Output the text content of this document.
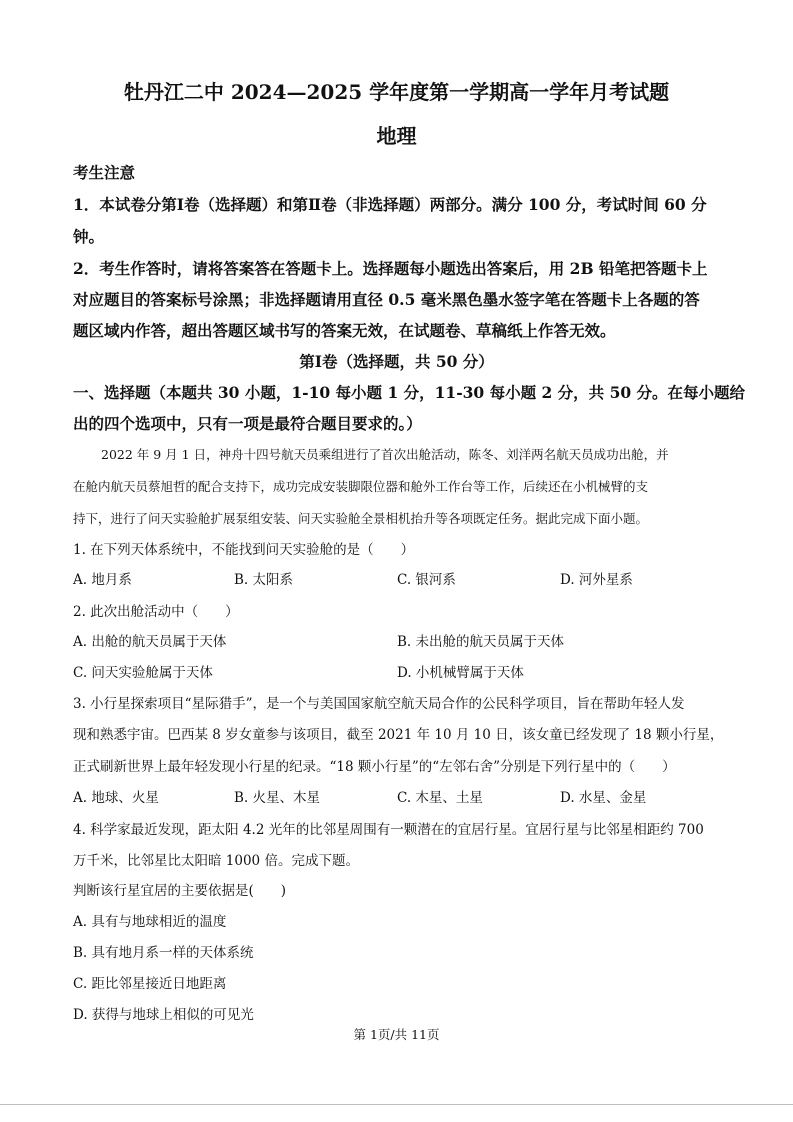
牡丹江二中 2024—2025 学年度第一学期高一学年月考试题
地理
考生注意
1．本试卷分第Ⅰ卷（选择题）和第Ⅱ卷（非选择题）两部分。满分 100 分，考试时间 60 分
钟。
2．考生作答时，请将答案答在答题卡上。选择题每小题选出答案后，用 2B 铅笔把答题卡上
对应题目的答案标号涂黑；非选择题请用直径 0.5 毫米黑色墨水签字笔在答题卡上各题的答
题区域内作答，超出答题区域书写的答案无效，在试题卷、草稿纸上作答无效。
第Ⅰ卷（选择题，共 50 分）
一、选择题（本题共 30 小题，1-10 每小题 1 分，11-30 每小题 2 分，共 50 分。在每小题给
出的四个选项中，只有一项是最符合题目要求的。）
2022 年 9 月 1 日，神舟十四号航天员乘组进行了首次出舱活动，陈冬、刘洋两名航天员成功出舱，并
在舱内航天员蔡旭哲的配合支持下，成功完成安装脚限位器和舱外工作台等工作，后续还在小机械臂的支
持下，进行了问天实验舱扩展泵组安装、问天实验舱全景相机抬升等各项既定任务。据此完成下面小题。
1. 在下列天体系统中，不能找到问天实验舱的是（　　）
A. 地月系	B. 太阳系	C. 银河系	D. 河外星系
2. 此次出舱活动中（　　）
A. 出舱的航天员属于天体	B. 未出舱的航天员属于天体
C. 问天实验舱属于天体	D. 小机械臂属于天体
3. 小行星探索项目“星际猎手”，是一个与美国国家航空航天局合作的公民科学项目，旨在帮助年轻人发
现和熟悉宇宙。巴西某 8 岁女童参与该项目，截至 2021 年 10 月 10 日，该女童已经发现了 18 颗小行星，
正式刷新世界上最年轻发现小行星的纪录。“18 颗小行星”的“左邻右舍”分别是下列行星中的（　　）
A. 地球、火星	B. 火星、木星	C. 木星、土星	D. 水星、金星
4. 科学家最近发现，距太阳 4.2 光年的比邻星周围有一颗潜在的宜居行星。宜居行星与比邻星相距约 700
万千米，比邻星比太阳暗 1000 倍。完成下题。
判断该行星宜居的主要依据是(　　)
A. 具有与地球相近的温度
B. 具有地月系一样的天体系统
C. 距比邻星接近日地距离
D. 获得与地球上相似的可见光
第 1页/共 11页
